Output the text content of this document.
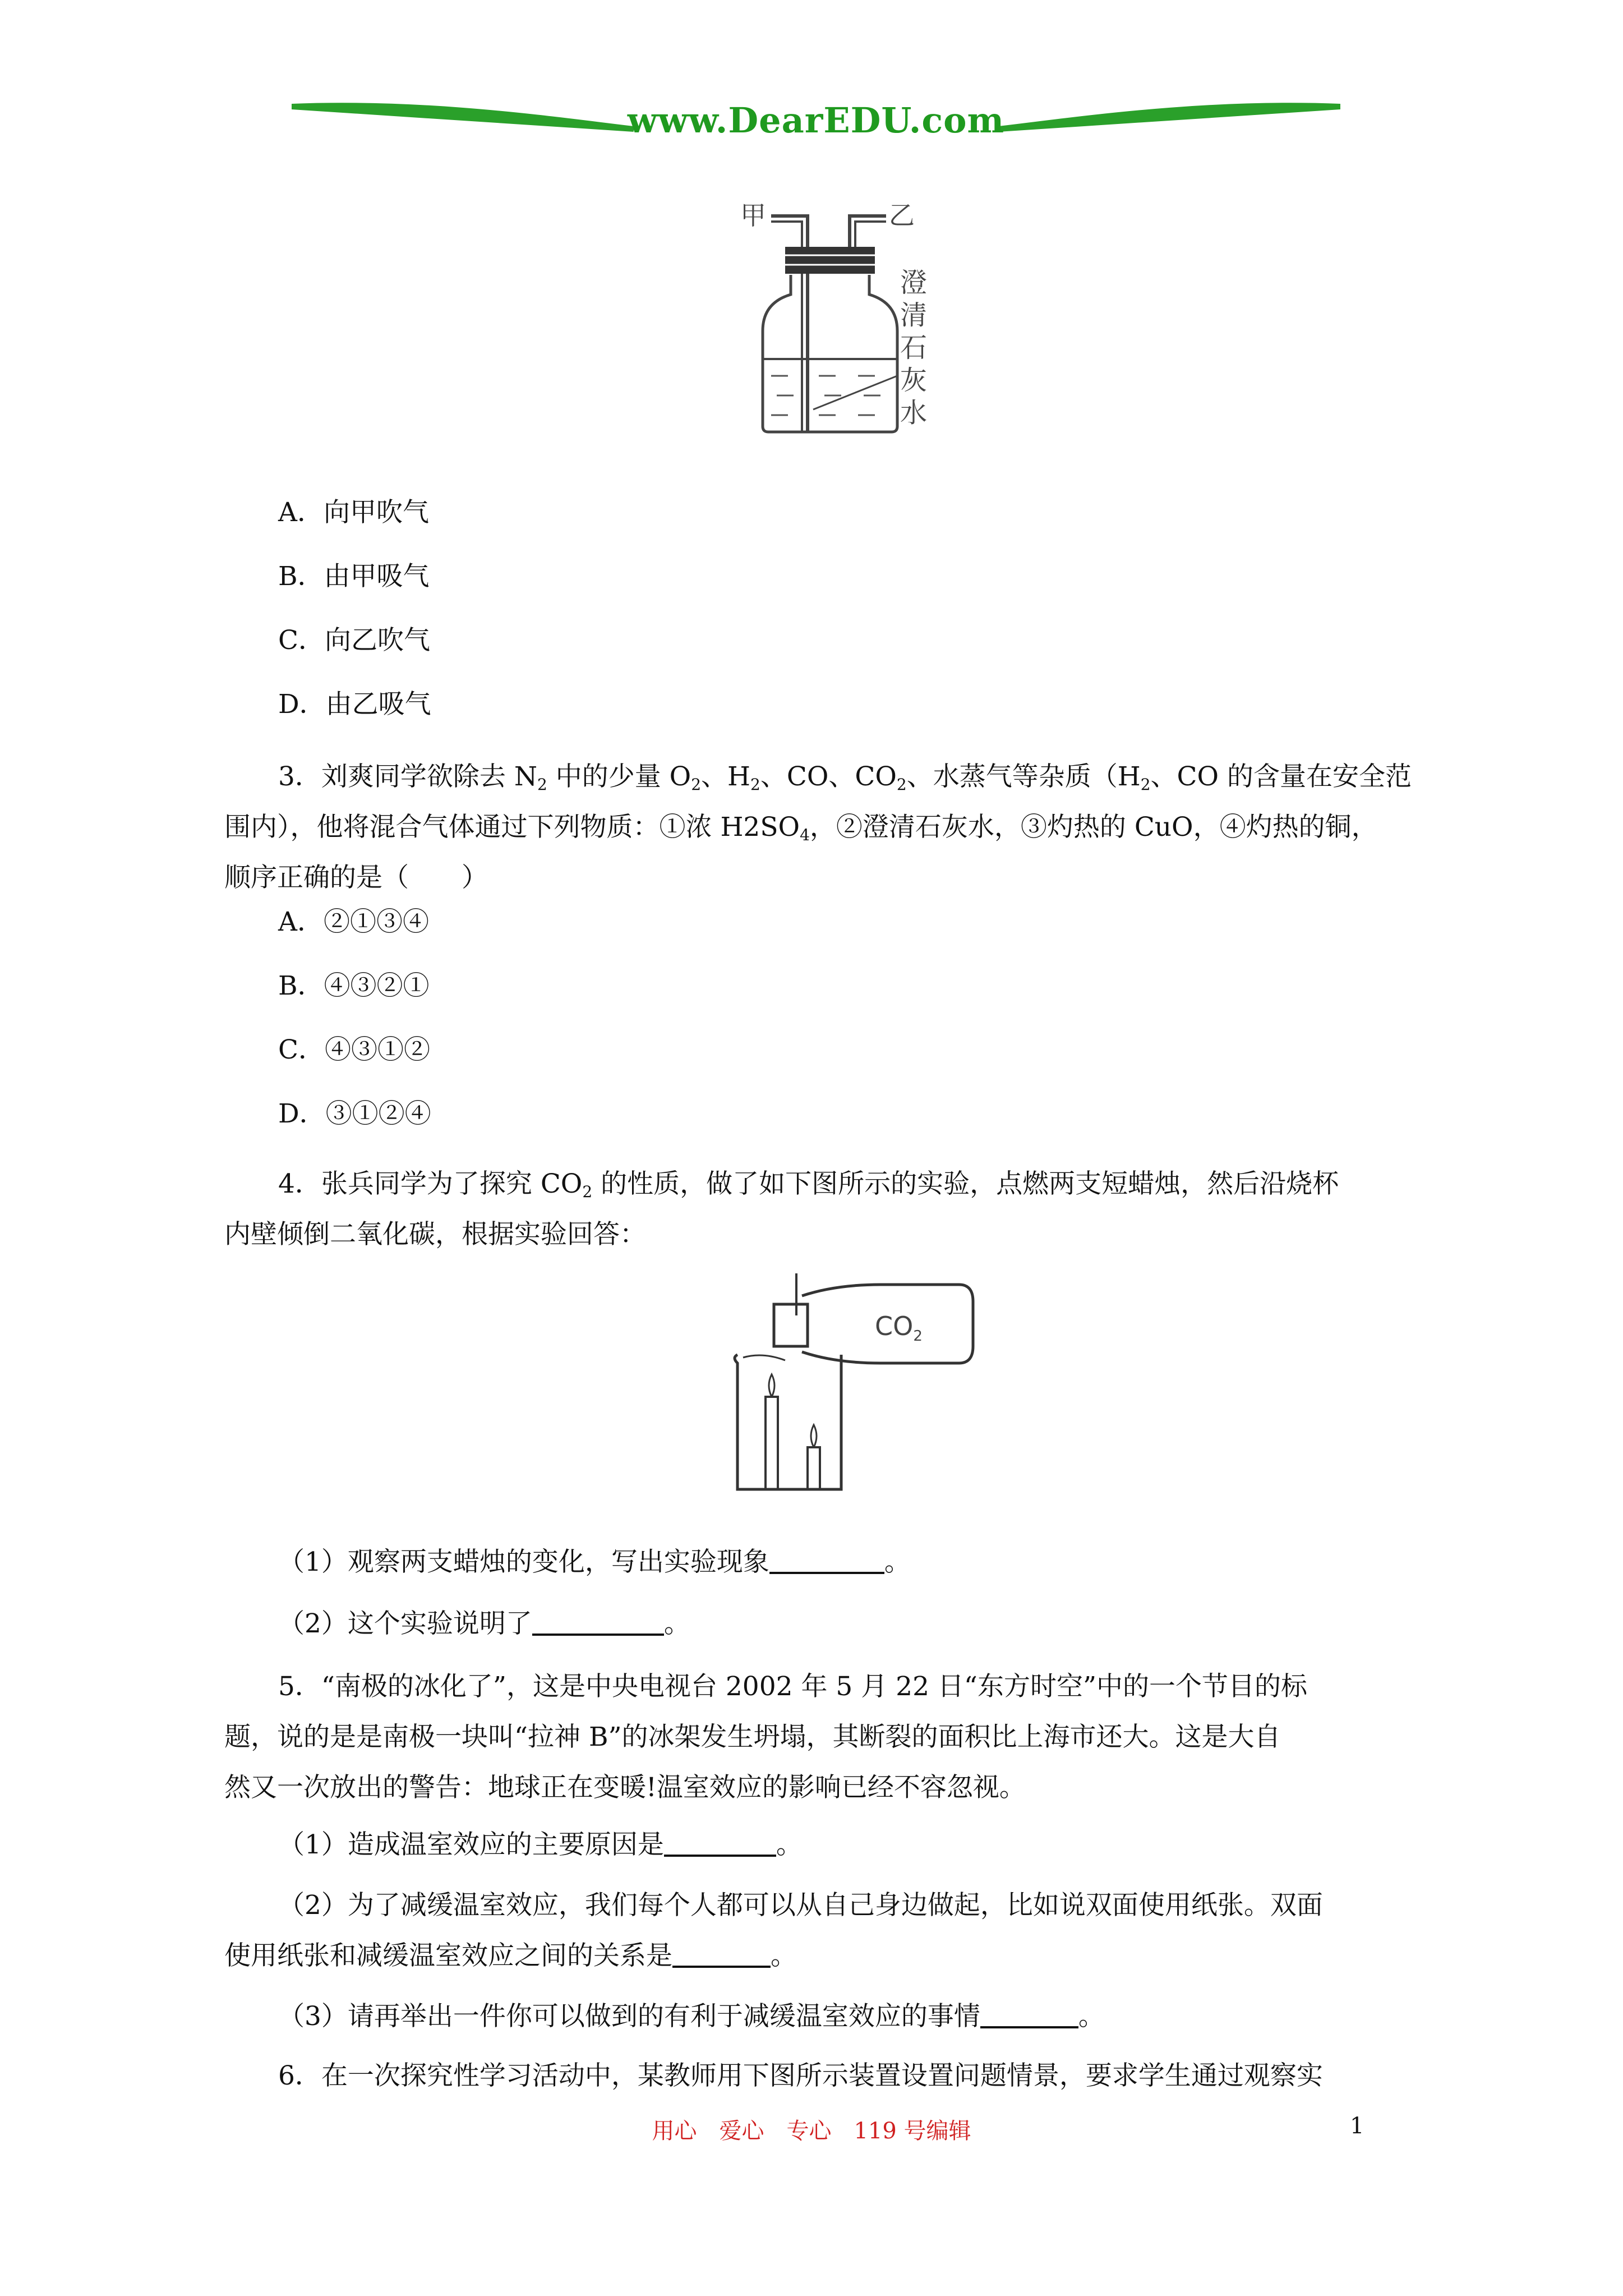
www.DearEDU.com
甲	乙
澄
清
石
灰
水

A．向甲吹气

B．由甲吸气

C．向乙吹气

D．由乙吸气

3．刘爽同学欲除去 $N_2$ 中的少量 $O_2$、$H_2$、CO、$CO_2$、水蒸气等杂质（$H_2$、CO 的含量在安全范
围内），他将混合气体通过下列物质：①浓 $H2SO_4$，②澄清石灰水，③灼热的 CuO，④灼热的铜，
顺序正确的是（　　）

A．②①③④

B．④③②①

C．④③①②

D．③①②④

4．张兵同学为了探究 $CO_2$ 的性质，做了如下图所示的实验，点燃两支短蜡烛，然后沿烧杯
内壁倾倒二氧化碳，根据实验回答：
$CO_2$
（1）观察两支蜡烛的变化，写出实验现象	。
（2）这个实验说明了	。
5．“南极的冰化了”，这是中央电视台 2002 年 5 月 22 日“东方时空”中的一个节目的标
题，说的是是南极一块叫“拉神 B”的冰架发生坍塌，其断裂的面积比上海市还大。这是大自
然又一次放出的警告：地球正在变暖!温室效应的影响已经不容忽视。
（1）造成温室效应的主要原因是	。
（2）为了减缓温室效应，我们每个人都可以从自己身边做起，比如说双面使用纸张。双面
使用纸张和减缓温室效应之间的关系是	。
（3）请再举出一件你可以做到的有利于减缓温室效应的事情	。
6．在一次探究性学习活动中，某教师用下图所示装置设置问题情景，要求学生通过观察实
用心　爱心　专心　119 号编辑	1
